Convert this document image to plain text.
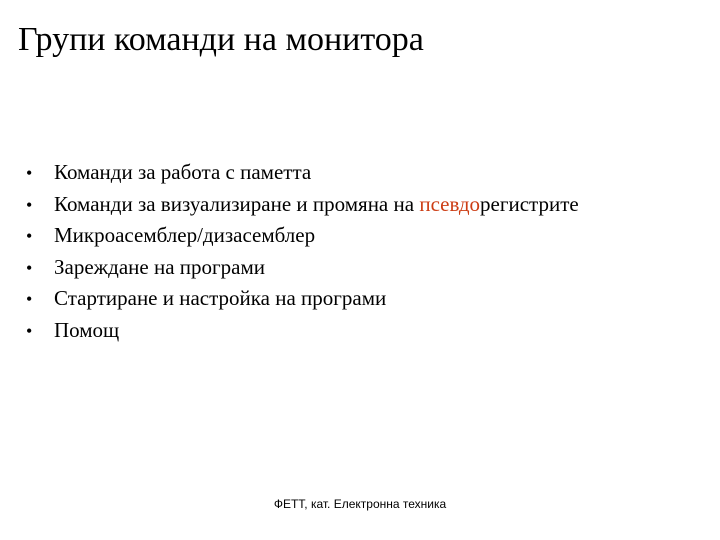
Групи команди на монитора
•	Команди за работа с паметта
•	Команди за визуализиране и промяна на псевдорегистрите
•	Микроасемблер/дизасемблер
•	Зареждане на програми
•	Стартиране и настройка на програми
•	Помощ
ФЕТТ, кат. Електронна техника
